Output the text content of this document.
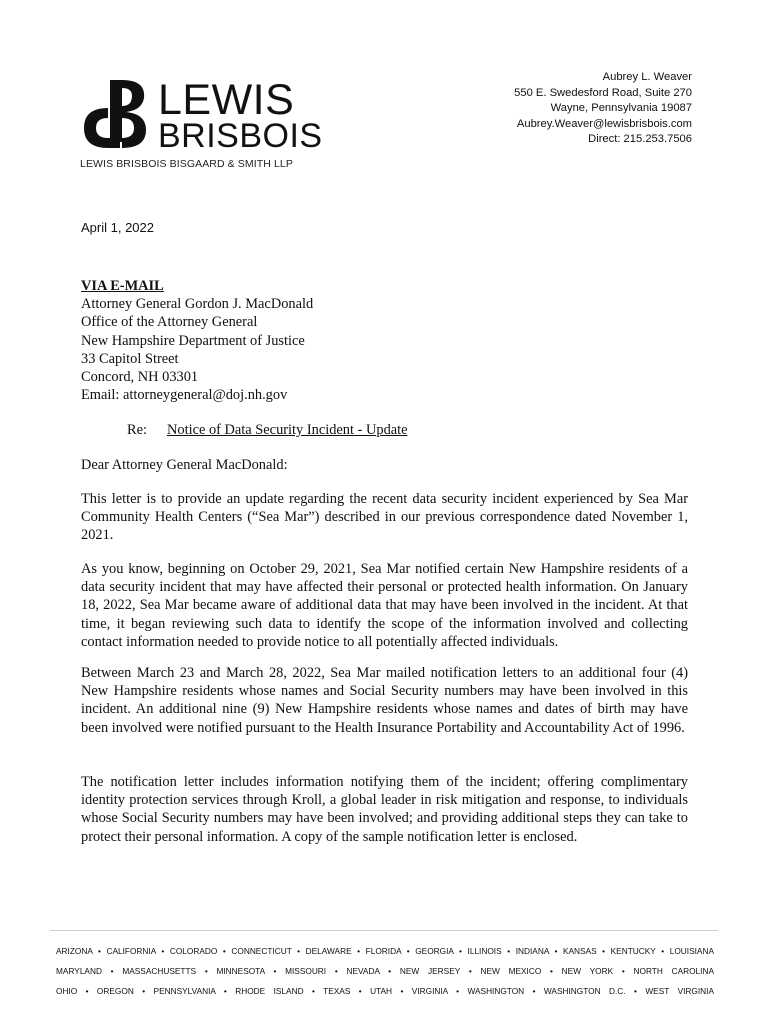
LEWIS
BRISBOIS
LEWIS BRISBOIS BISGAARD & SMITH LLP
Aubrey L. Weaver
550 E. Swedesford Road, Suite 270
Wayne, Pennsylvania 19087
Aubrey.Weaver@lewisbrisbois.com
Direct: 215.253.7506
April 1, 2022
VIA E-MAIL
Attorney General Gordon J. MacDonald
Office of the Attorney General
New Hampshire Department of Justice
33 Capitol Street
Concord, NH 03301
Email: attorneygeneral@doj.nh.gov
Re: Notice of Data Security Incident - Update
Dear Attorney General MacDonald:
This letter is to provide an update regarding the recent data security incident experienced by Sea Mar Community Health Centers (“Sea Mar”) described in our previous correspondence dated November 1, 2021.
As you know, beginning on October 29, 2021, Sea Mar notified certain New Hampshire residents of a data security incident that may have affected their personal or protected health information. On January 18, 2022, Sea Mar became aware of additional data that may have been involved in the incident. At that time, it began reviewing such data to identify the scope of the information involved and collecting contact information needed to provide notice to all potentially affected individuals.
Between March 23 and March 28, 2022, Sea Mar mailed notification letters to an additional four (4) New Hampshire residents whose names and Social Security numbers may have been involved in this incident. An additional nine (9) New Hampshire residents whose names and dates of birth may have been involved were notified pursuant to the Health Insurance Portability and Accountability Act of 1996.
The notification letter includes information notifying them of the incident; offering complimentary identity protection services through Kroll, a global leader in risk mitigation and response, to individuals whose Social Security numbers may have been involved; and providing additional steps they can take to protect their personal information. A copy of the sample notification letter is enclosed.
ARIZONA • CALIFORNIA • COLORADO • CONNECTICUT • DELAWARE • FLORIDA • GEORGIA • ILLINOIS • INDIANA • KANSAS • KENTUCKY • LOUISIANA
MARYLAND • MASSACHUSETTS • MINNESOTA • MISSOURI • NEVADA • NEW JERSEY • NEW MEXICO • NEW YORK • NORTH CAROLINA
OHIO • OREGON • PENNSYLVANIA • RHODE ISLAND • TEXAS • UTAH • VIRGINIA • WASHINGTON • WASHINGTON D.C. • WEST VIRGINIA
